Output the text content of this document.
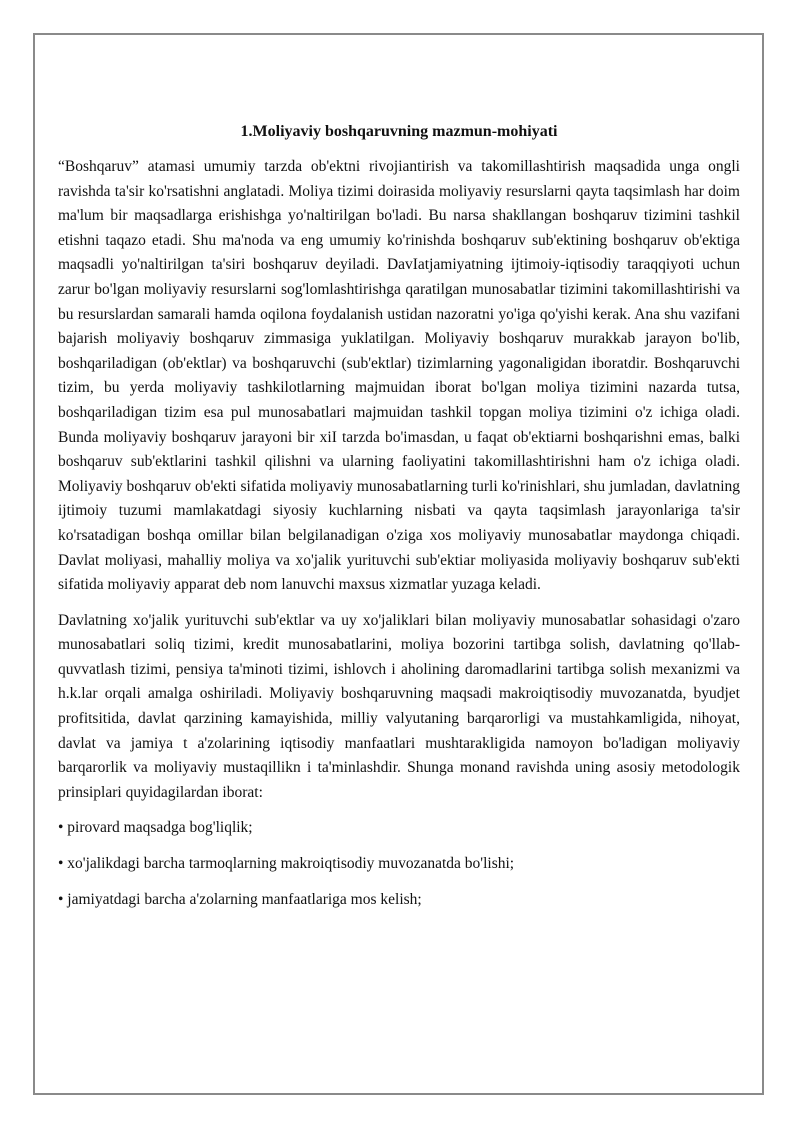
1.Moliyaviy boshqaruvning mazmun-mohiyati

“Boshqaruv” atamasi umumiy tarzda ob'ektni rivojiantirish va takomillashtirish maqsadida unga ongli ravishda ta'sir ko'rsatishni anglatadi. Moliya tizimi doirasida moliyaviy resurslarni qayta taqsimlash har doim ma'lum bir maqsadlarga erishishga yo'naltirilgan bo'ladi. Bu narsa shakllangan boshqaruv tizimini tashkil etishni taqazo etadi. Shu ma'noda va eng umumiy ko'rinishda boshqaruv sub'ektining boshqaruv ob'ektiga maqsadli yo'naltirilgan ta'siri boshqaruv deyiladi. DavIatjamiyatning ijtimoiy-iqtisodiy taraqqiyoti uchun zarur bo'lgan moliyaviy resurslarni sog'lomlashtirishga qaratilgan munosabatlar tizimini takomillashtirishi va bu resurslardan samarali hamda oqilona foydalanish ustidan nazoratni yo'iga qo'yishi kerak. Ana shu vazifani bajarish moliyaviy boshqaruv zimmasiga yuklatilgan. Moliyaviy boshqaruv murakkab jarayon bo'lib, boshqariladigan (ob'ektlar) va boshqaruvchi (sub'ektlar) tizimlarning yagonaligidan iboratdir. Boshqaruvchi tizim, bu yerda moliyaviy tashkilotlarning majmuidan iborat bo'lgan moliya tizimini nazarda tutsa, boshqariladigan tizim esa pul munosabatlari majmuidan tashkil topgan moliya tizimini o'z ichiga oladi. Bunda moliyaviy boshqaruv jarayoni bir xiI tarzda bo'imasdan, u faqat ob'ektiarni boshqarishni emas, balki boshqaruv sub'ektlarini tashkil qilishni va ularning faoliyatini takomillashtirishni ham o'z ichiga oladi. Moliyaviy boshqaruv ob'ekti sifatida moliyaviy munosabatlarning turli ko'rinishlari, shu jumladan, davlatning ijtimoiy tuzumi mamlakatdagi siyosiy kuchlarning nisbati va qayta taqsimlash jarayonlariga ta'sir ko'rsatadigan boshqa omillar bilan belgilanadigan o'ziga xos moliyaviy munosabatlar maydonga chiqadi. Davlat moliyasi, mahalliy moliya va xo'jalik yurituvchi sub'ektiar moliyasida moliyaviy boshqaruv sub'ekti sifatida moliyaviy apparat deb nom lanuvchi maxsus xizmatlar yuzaga keladi.

Davlatning xo'jalik yurituvchi sub'ektlar va uy xo'jaliklari bilan moliyaviy munosabatlar sohasidagi o'zaro munosabatlari soliq tizimi, kredit munosabatlarini, moliya bozorini tartibga solish, davlatning qo'llab-quvvatlash tizimi, pensiya ta'minoti tizimi, ishlovch i aholining daromadlarini tartibga solish mexanizmi va h.k.lar orqali amalga oshiriladi. Moliyaviy boshqaruvning maqsadi makroiqtisodiy muvozanatda, byudjet profitsitida, davlat qarzining kamayishida, milliy valyutaning barqarorligi va mustahkamligida, nihoyat, davlat va jamiya t a'zolarining iqtisodiy manfaatlari mushtarakligida namoyon bo'ladigan moliyaviy barqarorlik va moliyaviy mustaqillikn i ta'minlashdir. Shunga monand ravishda uning asosiy metodologik prinsiplari quyidagilardan iborat:

• pirovard maqsadga bog'liqlik;

• xo'jalikdagi barcha tarmoqlarning makroiqtisodiy muvozanatda bo'lishi;

• jamiyatdagi barcha a'zolarning manfaatlariga mos kelish;
